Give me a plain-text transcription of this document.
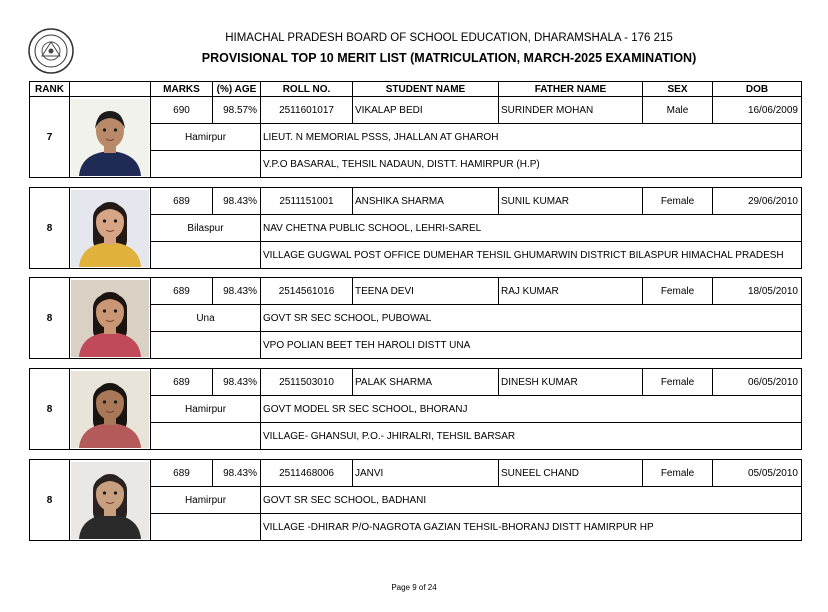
HIMACHAL PRADESH BOARD OF SCHOOL EDUCATION, DHARAMSHALA - 176 215
PROVISIONAL TOP 10 MERIT LIST (MATRICULATION, MARCH-2025 EXAMINATION)
RANK		MARKS	(%) AGE	ROLL NO.	STUDENT NAME	FATHER NAME	SEX	DOB
7		690	98.57%	2511601017	VIKALAP BEDI	SURINDER MOHAN	Male	16/06/2009
		Hamirpur		LIEUT. N MEMORIAL PSSS, JHALLAN AT GHAROH				
				V.P.O BASARAL, TEHSIL NADAUN, DISTT. HAMIRPUR (H.P)				
8		689	98.43%	2511151001	ANSHIKA SHARMA	SUNIL KUMAR	Female	29/06/2010
		Bilaspur		NAV CHETNA PUBLIC SCHOOL, LEHRI-SAREL				
				VILLAGE GUGWAL POST OFFICE DUMEHAR TEHSIL GHUMARWIN DISTRICT BILASPUR HIMACHAL PRADESH				
8		689	98.43%	2514561016	TEENA DEVI	RAJ KUMAR	Female	18/05/2010
		Una		GOVT SR SEC SCHOOL, PUBOWAL				
				VPO POLIAN BEET TEH HAROLI DISTT UNA				
8		689	98.43%	2511503010	PALAK SHARMA	DINESH KUMAR	Female	06/05/2010
		Hamirpur		GOVT MODEL SR SEC SCHOOL, BHORANJ				
				VILLAGE- GHANSUI, P.O.- JHIRALRI, TEHSIL BARSAR				
8		689	98.43%	2511468006	JANVI	SUNEEL CHAND	Female	05/05/2010
		Hamirpur		GOVT SR SEC SCHOOL, BADHANI				
				VILLAGE -DHIRAR P/O-NAGROTA GAZIAN TEHSIL-BHORANJ DISTT HAMIRPUR HP				
Page 9 of 24
